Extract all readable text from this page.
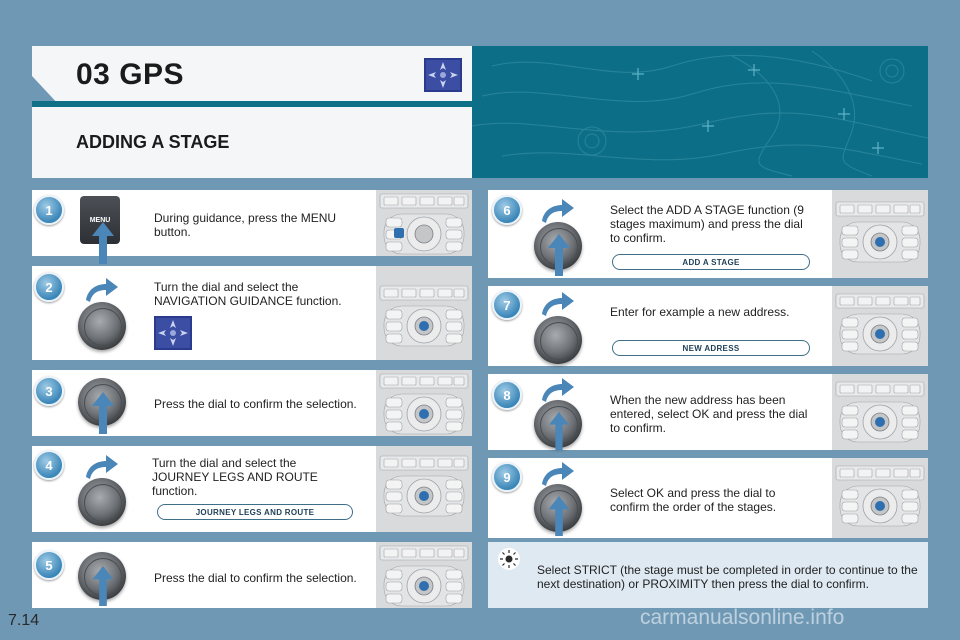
03 GPS
ADDING A STAGE
1
MENU	During guidance, press the MENU button.
2	Turn the dial and select the NAVIGATION GUIDANCE function.
3
Press the dial to confirm the selection.
4	Turn the dial and select the JOURNEY LEGS AND ROUTE function.
JOURNEY LEGS AND ROUTE
5
Press the dial to confirm the selection.
6	Select the ADD A STAGE function (9 stages maximum) and press the dial to confirm.
ADD A STAGE
7	Enter for example a new address.
NEW ADRESS
8	When the new address has been entered, select OK and press the dial to confirm.
9
Select OK and press the dial to confirm the order of the stages.
Select STRICT (the stage must be completed in order to continue to the next destination) or PROXIMITY then press the dial to confirm.
7.14	carmanualsonline.info
